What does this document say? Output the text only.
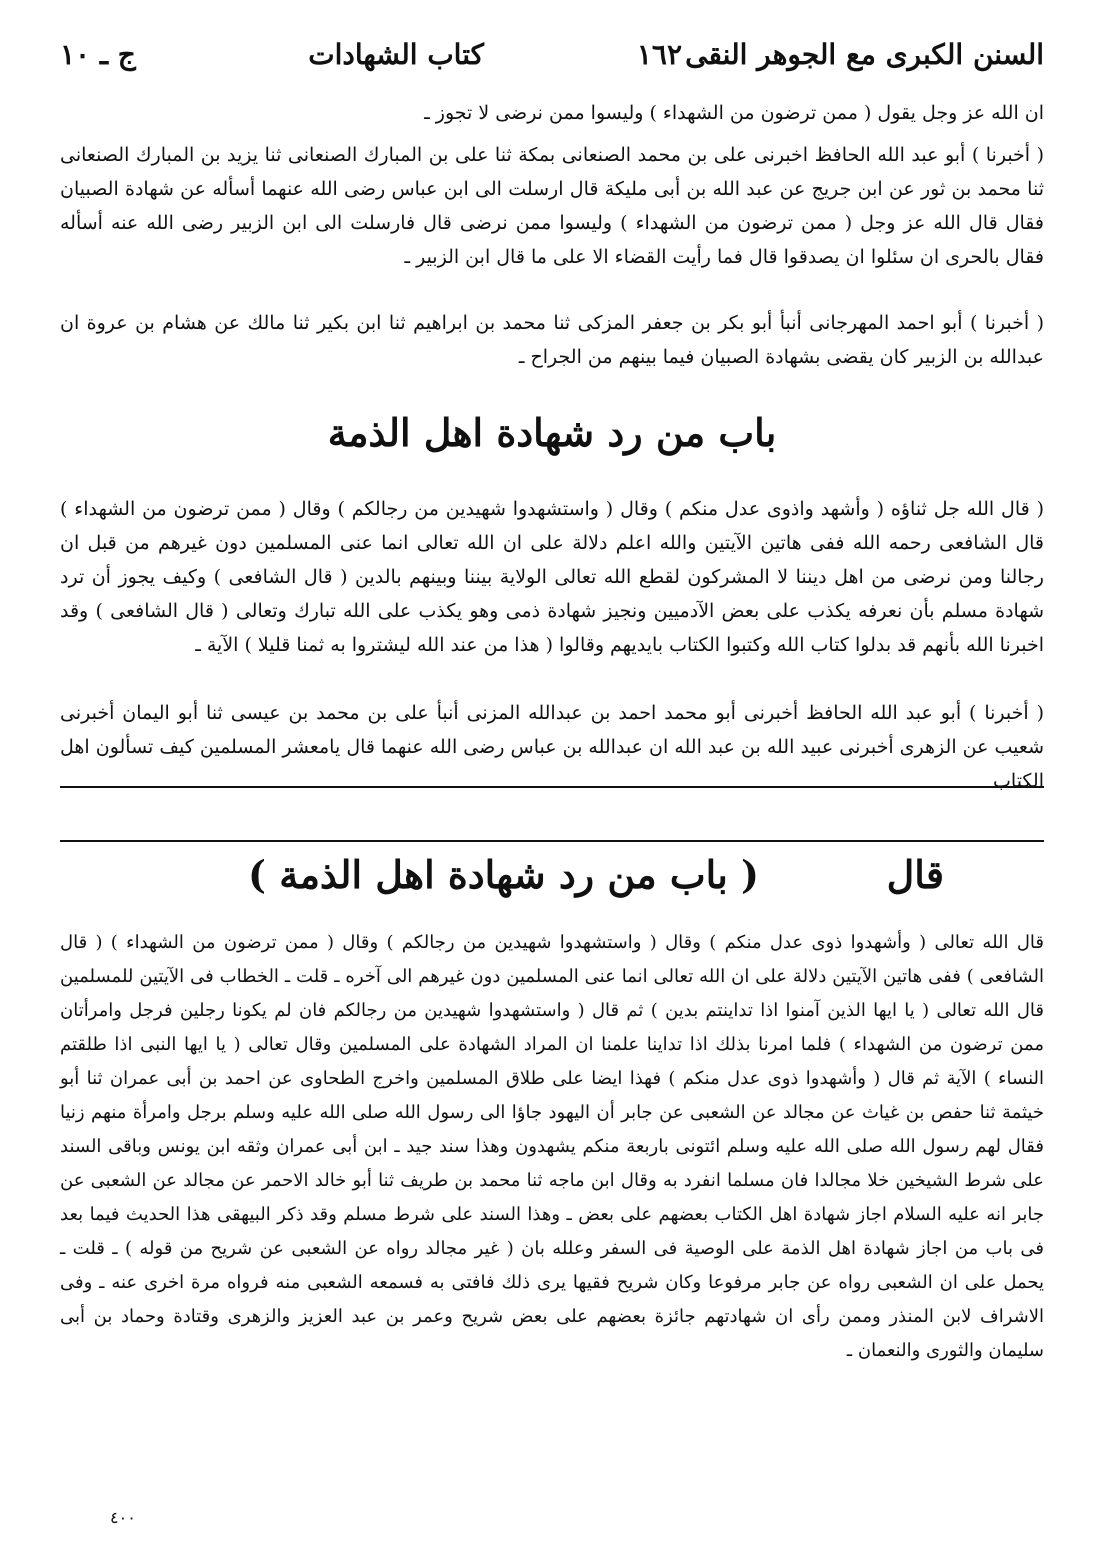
السنن الكبرى مع الجوهر النقى
١٦٢
كتاب الشهادات
ج ـ ١٠

ان الله عز وجل يقول ( ممن ترضون من الشهداء ) وليسوا ممن نرضى لا تجوز ـ

( أخبرنا ) أبو عبد الله الحافظ اخبرنى على بن محمد الصنعانى بمكة ثنا على بن المبارك الصنعانى ثنا يزيد بن المبارك الصنعانى ثنا محمد بن ثور عن ابن جريج عن عبد الله بن أبى مليكة قال ارسلت الى ابن عباس رضى الله عنهما أسأله عن شهادة الصبيان فقال قال الله عز وجل ( ممن ترضون من الشهداء ) وليسوا ممن نرضى قال فارسلت الى ابن الزبير رضى الله عنه أسأله فقال بالحرى ان سئلوا ان يصدقوا قال فما رأيت القضاء الا على ما قال ابن الزبير ـ

( أخبرنا ) أبو احمد المهرجانى أنبأ أبو بكر بن جعفر المزكى ثنا محمد بن ابراهيم ثنا ابن بكير ثنا مالك عن هشام بن عروة ان عبدالله بن الزبير كان يقضى بشهادة الصبيان فيما بينهم من الجراح ـ

باب من رد شهادة اهل الذمة

( قال الله جل ثناؤه ( وأشهد واذوى عدل منكم ) وقال ( واستشهدوا شهيدين من رجالكم ) وقال ( ممن ترضون من الشهداء ) قال الشافعى رحمه الله ففى هاتين الآيتين والله اعلم دلالة على ان الله تعالى انما عنى المسلمين دون غيرهم من قبل ان رجالنا ومن نرضى من اهل ديننا لا المشركون لقطع الله تعالى الولاية بيننا وبينهم بالدين ( قال الشافعى ) وكيف يجوز أن ترد شهادة مسلم بأن نعرفه يكذب على بعض الآدميين ونجيز شهادة ذمى وهو يكذب على الله تبارك وتعالى ( قال الشافعى ) وقد اخبرنا الله بأنهم قد بدلوا كتاب الله وكتبوا الكتاب بايديهم وقالوا ( هذا من عند الله ليشتروا به ثمنا قليلا ) الآية ـ

( أخبرنا ) أبو عبد الله الحافظ أخبرنى أبو محمد احمد بن عبدالله المزنى أنبأ على بن محمد بن عيسى ثنا أبو اليمان أخبرنى شعيب عن الزهرى أخبرنى عبيد الله بن عبد الله ان عبدالله بن عباس رضى الله عنهما قال يامعشر المسلمين كيف تسألون اهل الكتاب

قال
( باب من رد شهادة اهل الذمة )

قال الله تعالى ( وأشهدوا ذوى عدل منكم ) وقال ( واستشهدوا شهيدين من رجالكم ) وقال ( ممن ترضون من الشهداء ) ( قال الشافعى ) ففى هاتين الآيتين دلالة على ان الله تعالى انما عنى المسلمين دون غيرهم الى آخره ـ قلت ـ الخطاب فى الآيتين للمسلمين قال الله تعالى ( يا ايها الذين آمنوا اذا تداينتم بدين ) ثم قال ( واستشهدوا شهيدين من رجالكم فان لم يكونا رجلين فرجل وامرأتان ممن ترضون من الشهداء ) فلما امرنا بذلك اذا تداينا علمنا ان المراد الشهادة على المسلمين وقال تعالى ( يا ايها النبى اذا طلقتم النساء ) الآية ثم قال ( وأشهدوا ذوى عدل منكم ) فهذا ايضا على طلاق المسلمين واخرج الطحاوى عن احمد بن أبى عمران ثنا أبو خيثمة ثنا حفص بن غياث عن مجالد عن الشعبى عن جابر أن اليهود جاؤا الى رسول الله صلى الله عليه وسلم برجل وامرأة منهم زنيا فقال لهم رسول الله صلى الله عليه وسلم ائتونى باربعة منكم يشهدون وهذا سند جيد ـ ابن أبى عمران وثقه ابن يونس وباقى السند على شرط الشيخين خلا مجالدا فان مسلما انفرد به وقال ابن ماجه ثنا محمد بن طريف ثنا أبو خالد الاحمر عن مجالد عن الشعبى عن جابر انه عليه السلام اجاز شهادة اهل الكتاب بعضهم على بعض ـ وهذا السند على شرط مسلم وقد ذكر البيهقى هذا الحديث فيما بعد فى باب من اجاز شهادة اهل الذمة على الوصية فى السفر وعلله بان ( غير مجالد رواه عن الشعبى عن شريح من قوله ) ـ قلت ـ يحمل على ان الشعبى رواه عن جابر مرفوعا وكان شريح فقيها يرى ذلك فافتى به فسمعه الشعبى منه فرواه مرة اخرى عنه ـ وفى الاشراف لابن المنذر وممن رأى ان شهادتهم جائزة بعضهم على بعض شريح وعمر بن عبد العزيز والزهرى وقتادة وحماد بن أبى سليمان والثورى والنعمان ـ

٤٠٠
